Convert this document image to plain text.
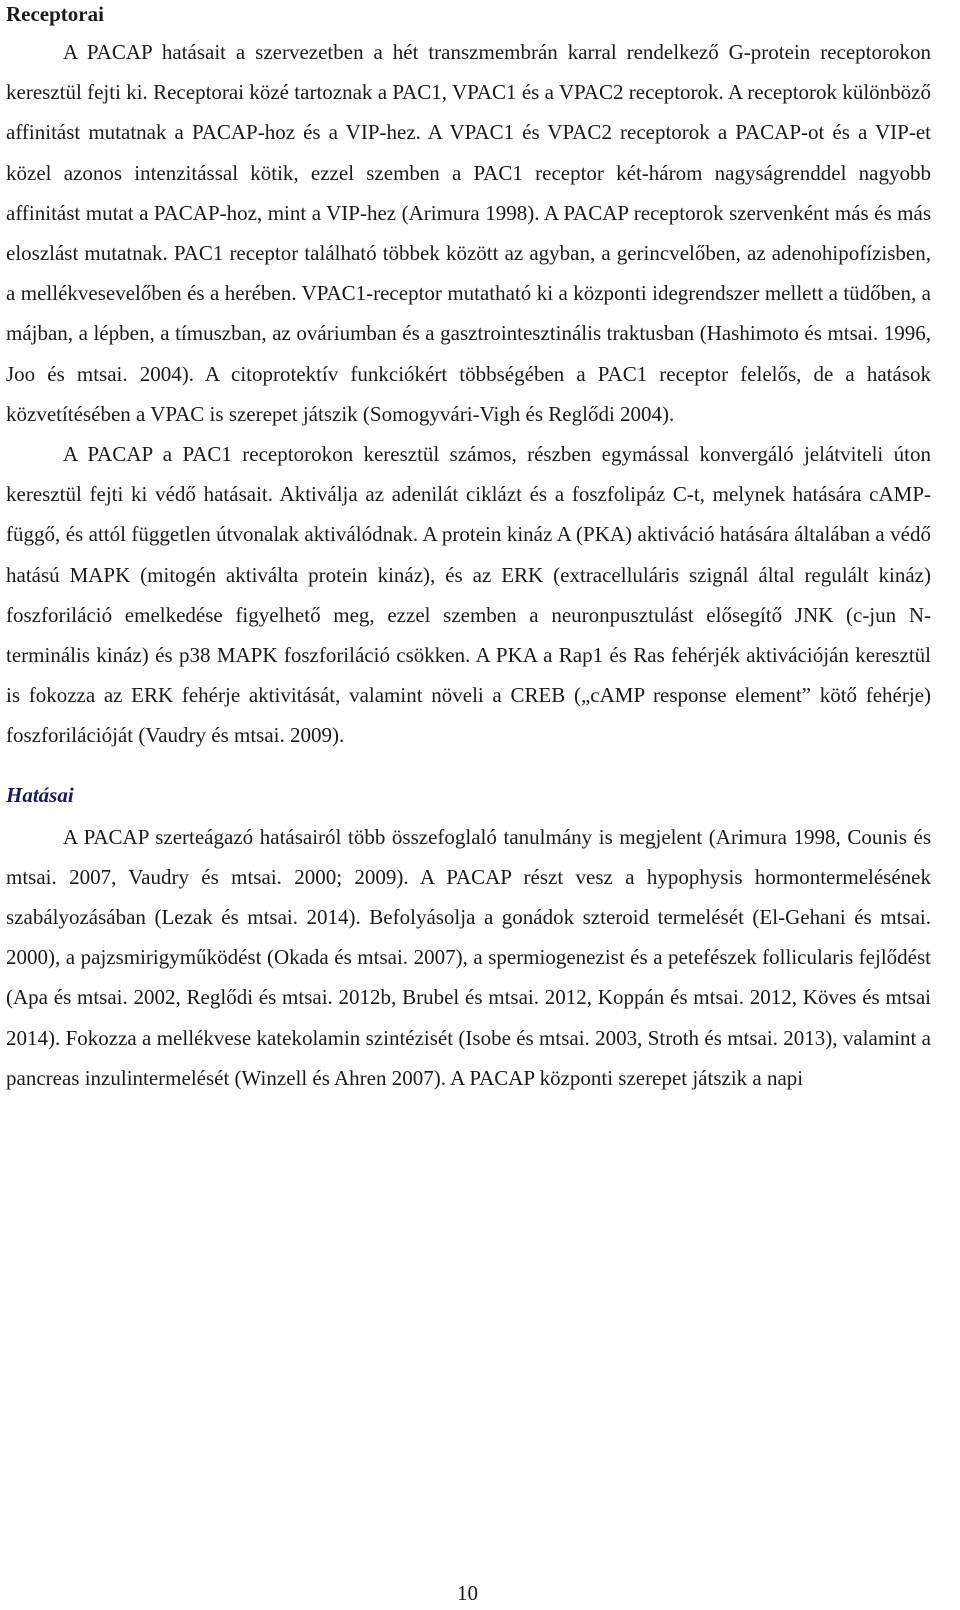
Receptorai

A PACAP hatásait a szervezetben a hét transzmembrán karral rendelkező G-protein receptorokon keresztül fejti ki. Receptorai közé tartoznak a PAC1, VPAC1 és a VPAC2 receptorok. A receptorok különböző affinitást mutatnak a PACAP-hoz és a VIP-hez. A VPAC1 és VPAC2 receptorok a PACAP-ot és a VIP-et közel azonos intenzitással kötik, ezzel szemben a PAC1 receptor két-három nagyságrenddel nagyobb affinitást mutat a PACAP-hoz, mint a VIP-hez (Arimura 1998). A PACAP receptorok szervenként más és más eloszlást mutatnak. PAC1 receptor található többek között az agyban, a gerincvelőben, az adenohipofízisben, a mellékvesevelőben és a herében. VPAC1-receptor mutatható ki a központi idegrendszer mellett a tüdőben, a májban, a lépben, a tímuszban, az ováriumban és a gasztrointesztinális traktusban (Hashimoto és mtsai. 1996, Joo és mtsai. 2004). A citoprotektív funkciókért többségében a PAC1 receptor felelős, de a hatások közvetítésében a VPAC is szerepet játszik (Somogyvári-Vigh és Reglődi 2004).

A PACAP a PAC1 receptorokon keresztül számos, részben egymással konvergáló jelátviteli úton keresztül fejti ki védő hatásait. Aktiválja az adenilát ciklázt és a foszfolipáz C-t, melynek hatására cAMP-függő, és attól független útvonalak aktiválódnak. A protein kináz A (PKA) aktiváció hatására általában a védő hatású MAPK (mitogén aktiválta protein kináz), és az ERK (extracelluláris szignál által regulált kináz) foszforiláció emelkedése figyelhető meg, ezzel szemben a neuronpusztulást elősegítő JNK (c-jun N-terminális kináz) és p38 MAPK foszforiláció csökken. A PKA a Rap1 és Ras fehérjék aktivációján keresztül is fokozza az ERK fehérje aktivitását, valamint növeli a CREB („cAMP response element” kötő fehérje) foszforilációját (Vaudry és mtsai. 2009).

Hatásai

A PACAP szerteágazó hatásairól több összefoglaló tanulmány is megjelent (Arimura 1998, Counis és mtsai. 2007, Vaudry és mtsai. 2000; 2009). A PACAP részt vesz a hypophysis hormontermelésének szabályozásában (Lezak és mtsai. 2014). Befolyásolja a gonádok szteroid termelését (El-Gehani és mtsai. 2000), a pajzsmirigyműködést (Okada és mtsai. 2007), a spermiogenezist és a petefészek follicularis fejlődést (Apa és mtsai. 2002, Reglődi és mtsai. 2012b, Brubel és mtsai. 2012, Koppán és mtsai. 2012, Köves és mtsai 2014). Fokozza a mellékvese katekolamin szintézisét (Isobe és mtsai. 2003, Stroth és mtsai. 2013), valamint a pancreas inzulintermelését (Winzell és Ahren 2007). A PACAP központi szerepet játszik a napi

10
